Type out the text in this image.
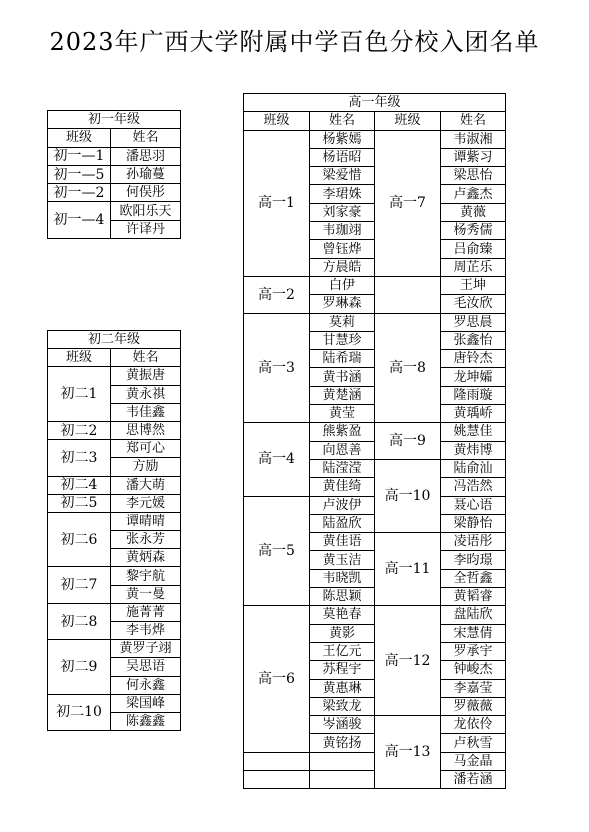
2023年广西大学附属中学百色分校入团名单
初一年级	
班级	姓名
初一—1	潘思羽
初一—5	孙瑜蔓
初一—2	何俣彤
初一—4	欧阳乐天
	许译丹
初二年级	
班级	姓名
初二1	黄振唐
	黄永祺
	韦佳鑫
初二2	思博然
初二3	郑可心
	方励
初二4	潘大萌
初二5	李元媛
初二6	谭晴晴
	张永芳
	黄炳森
初二7	黎宇航
	黄一曼
初二8	施菁菁
	李韦烨
初二9	黄罗子翊
	吴思语
	何永鑫
初二10	梁国峰
	陈鑫鑫
高一年级			
班级	姓名	班级	姓名
高一1	杨紫嫣	高一7	韦淑湘
	杨语昭		谭紫习
	梁爱惜		梁思怡
	李珺姝		卢鑫杰
	刘家豪		黄薇
	韦珈翊		杨秀儒
	曾钰烨		吕俞臻
	方晨皓		周芷乐
高一2	白伊		王坤
	罗琳森		毛汝欣
高一3	莫莉	高一8	罗思晨
	甘慧珍		张鑫怡
	陆希瑞		唐铃杰
	黄书涵		龙坤孀
	黄楚涵		隆雨璇
	黄莹		黄瑀峤
高一4	熊紫盈	高一9	姚慧佳
	向恩善		黄炜博
	陆滢滢	高一10	陆俞汕
	黄佳绮		冯浩然
高一5	卢波伊		聂心语
	陆盈欣		梁静怡
	黄佳语	高一11	凌语彤
	黄玉洁		李昀璟
	韦晓凯		全哲鑫
	陈思颖		黄韬睿
高一6	莫艳春	高一12	盘陆欣
	黄影		宋慧倩
	王亿元		罗承宇
	苏程宇		钟峻杰
	黄惠琳		李嘉莹
	梁致龙		罗薇薇
	岑涵骏	高一13	龙依伶
	黄铭扬		卢秋雪
			马金晶
			潘若涵
